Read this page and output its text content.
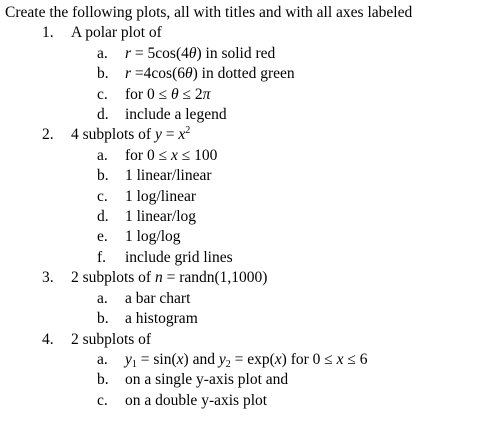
Create the following plots, all with titles and with all axes labeled
1. A polar plot of
a. r = 5cos(4θ) in solid red
b. r =4cos(6θ) in dotted green
c. for 0 ≤ θ ≤ 2π
d. include a legend
2. 4 subplots of $y = x^2$
a. for 0 ≤ x ≤ 100
b. 1 linear/linear
c. 1 log/linear
d. 1 linear/log
e. 1 log/log
f. include grid lines
3. 2 subplots of n = randn(1,1000)
a. a bar chart
b. a histogram
4. 2 subplots of
a. $y_1 = \sin(x)$ and $y_2 = \exp(x)$ for 0 ≤ x ≤ 6
b. on a single y-axis plot and
c. on a double y-axis plot
